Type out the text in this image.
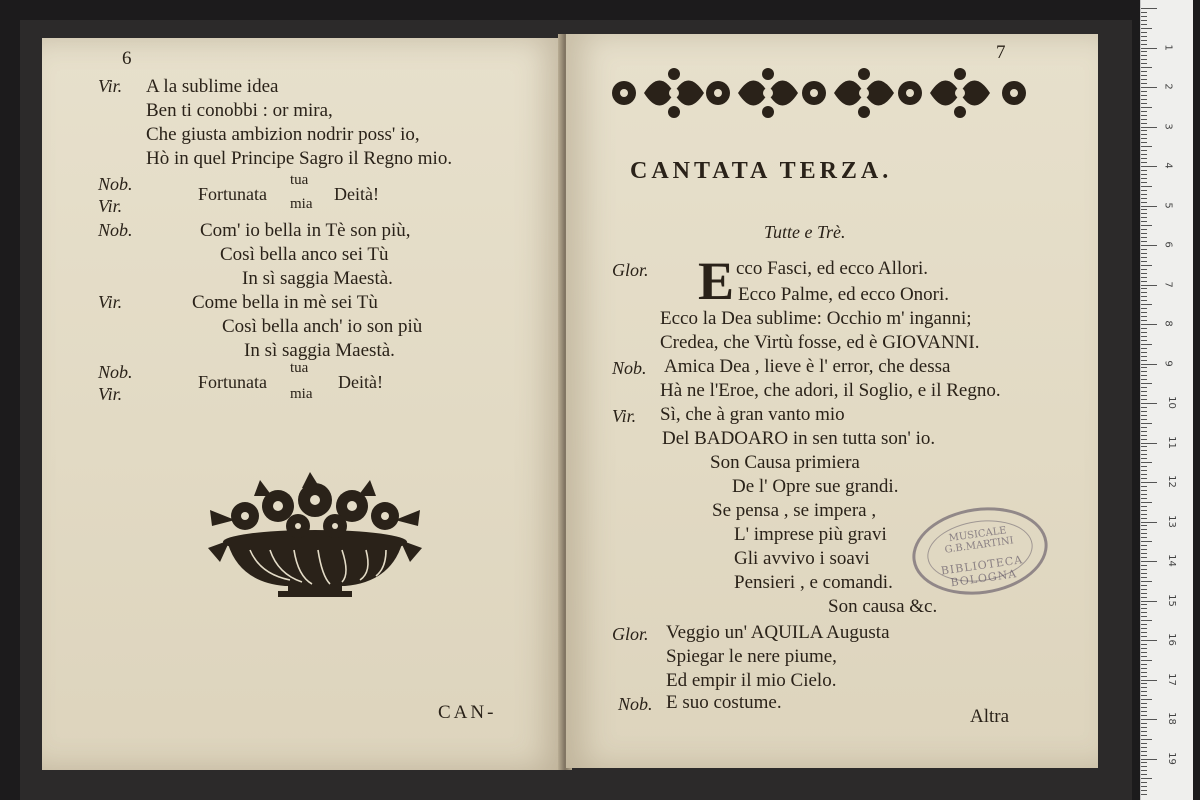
6
Vir. A la sublime idea
Ben ti conobbi : or mira,
Che giusta ambizion nodrir poss' io,
Hò in quel Principe Sagro il Regno mio.
Nob.
Vir.
Fortunata
tua
mia Deità!
Nob.	Com' io bella in Tè son più,
Così bella anco sei Tù
In sì saggia Maestà.
Vir.	Come bella in mè sei Tù
Così bella anch' io son più
In sì saggia Maestà.
Nob.
Vir.
Fortunata
tua
mia
Deità!
CAN-
7
CANTATA TERZA.
Tutte e Trè.
Glor. E cco Fasci, ed ecco Allori.
Ecco Palme, ed ecco Onori.
Ecco la Dea sublime: Occhio m' inganni;
Credea, che Virtù fosse, ed è GIOVANNI.
Nob. Amica Dea , lieve è l' error, che dessa
Hà ne l'Eroe, che adori, il Soglio, e il Regno.
Vir. Sì, che à gran vanto mio
Del BADOARO in sen tutta son' io.
Son Causa primiera
De l' Opre sue grandi.
Se pensa , se impera ,
L' imprese più gravi
Gli avvivo i soavi
Pensieri , e comandi.
Son causa &c.
Glor. Veggio un' AQUILA Augusta
Spiegar le nere piume,
Ed empir il mio Cielo.
Nob. E suo costume.
Altra
MUSICALE G.B.MARTINI
BIBLIOTECA BOLOGNA
1
2
3
4
5
6
7
8
9
10
11
12
13
14
15
16
17
18
19
